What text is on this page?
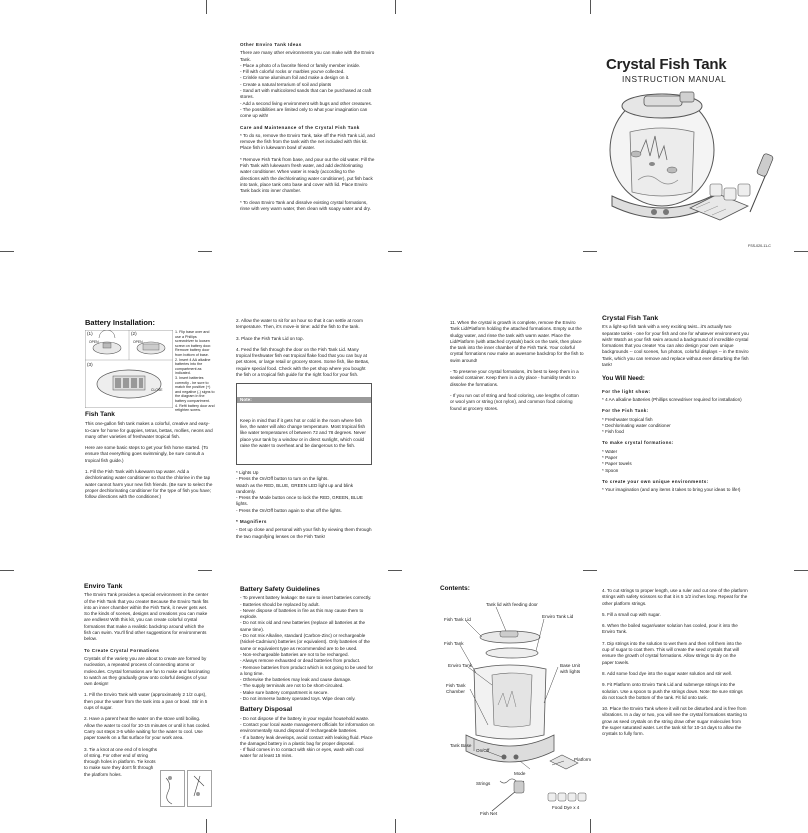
Other Enviro Tank Ideas
There are many other environments you can make with the Enviro Tank.
- Place a photo of a favorite friend or family member inside.
- Fill with colorful rocks or marbles you've collected.
- Crinkle some aluminum foil and make a design on it.
- Create a natural terrarium of soil and plants
- Sand art with multicolored sands that can be purchased at craft stores.
- Add a second living environment with bugs and other creatures.
- The possibilities are limited only to what your imagination can come up with!
Care and Maintenance of the Crystal Fish Tank
* To do so, remove the Enviro Tank, take off the Fish Tank Lid, and remove the fish from the tank with the net included with this kit. Place fish in lukewarm bowl of water.
* Remove Fish Tank from base, and pour out the old water. Fill the Fish Tank with lukewarm fresh water, and add dechlorinating water conditioner. When water is ready (according to the directions with the dechlorinating water conditioner), put fish back into tank, place tank onto base and cover with lid. Place Enviro Tank back into inner chamber.
* To clean Enviro Tank and dissolve existing crystal formations, rinse with very warm water, then clean with soapy water and dry.
Crystal Fish Tank
INSTRUCTION MANUAL
FSS-020-11-C
Battery Installation:
(1)	(2)
(3)
OPEN	OPEN
CLOSE
1. Flip base over and use a Phillips screwdriver to loosen screw on battery door. Remove battery door from bottom of base.
2. Insert 4 AA alkaline batteries into the compartment as indicated.
3. Insert batteries correctly - be sure to match the positive (+) and negative (-) signs to the diagram in the battery compartment.
4. Refit battery door and retighten screw.
Fish Tank
This one-gallon fish tank makes a colorful, creative and easy-to-care for home for guppies, tetras, bettas, mollies, neons and many other varieties of freshwater tropical fish.
Here are some basic steps to get your fish home started. (To ensure that everything goes swimmingly, be sure consult a tropical fish guide.)
1. Fill the Fish Tank with lukewarm tap water. Add a dechlorinating water conditioner so that the chlorine in the tap water cannot harm your new fish friends. (Be sure to select the proper dechlorinating conditioner for the type of fish you have; follow directions with the conditioner.)
2. Allow the water to sit for an hour so that it can settle at room temperature. Then, it's move-in time: add the fish to the tank.
3. Place the Fish Tank Lid on top.
4. Feed the fish through the door on the Fish Tank Lid. Many tropical freshwater fish eat tropical flake food that you can buy at pet stores, or large retail or grocery stores. Some fish, like Bettas, require special food. Check with the pet shop where you bought the fish or a tropical fish guide for the right food for your fish.

Note:

Keep in mind that if it gets hot or cold in the room where fish live, the water will also change temperature. Most tropical fish like water temperatures of between 72 and 78 degrees. Never place your tank by a window or in direct sunlight, which could raise the water to overheat and be dangerous to the fish.

* Lights Up
- Press the On/Off button to turn on the lights.
Watch as the RED, BLUE, GREEN LED light up and blink randomly.
- Press the Mode button once to lock the RED, GREEN, BLUE lights.
- Press the On/Off button again to shut off the lights.
* Magnifiers
- Get up close and personal with your fish by viewing them through the two magnifying lenses on the Fish Tank!
11. When the crystal is growth is complete, remove the Enviro Tank Lid/Platform holding the attached formations. Empty out the sludgy water, and rinse the tank with warm water. Place the Lid/Platform (with attached crystals) back on the tank, then place the tank into the inner chamber of the Fish Tank. Your colorful crystal formations now make an awesome backdrop for the fish to swim around!
- To preserve your crystal formations, it's best to keep them in a sealed container. Keep them in a dry place - humidity tends to dissolve the formations.
- If you run out of string and food coloring, use lengths of cotton or wool yarn or string (not nylon), and common food coloring found at grocery stores.
Crystal Fish Tank
It's a light-up fish tank with a very exciting twist...it's actually two separate tanks - one for your fish and one for whatever environment you wish! Watch as your fish swim around a background of incredible crystal formations that you create! You can also design your own unique backgrounds -- cool scenes, fun photos, colorful displays -- in the Enviro Tank, which you can remove and replace without ever disturbing the fish tank!
You Will Need:
For the light show:
* 4 AA alkaline batteries (Phillips screwdriver required for installation)
For the Fish Tank:
* Freshwater tropical fish
* Dechlorinating water conditioner
* Fish food
To make crystal formations:
* Water
* Paper
* Paper towels
* Spoon
To create your own unique environments:
* Your imagination (and any items it takes to bring your ideas to life!)
Enviro Tank
The Enviro Tank provides a special environment in the center of the Fish Tank that you create! Because the Enviro Tank fits into an inner chamber within the Fish Tank, it never gets wet. So the kinds of scenes, designs and creations you can make are endless! With this kit, you can create colorful crystal formations that make a realistic backdrop around which the fish can swim. You'll find other suggestions for environments below.
To Create Crystal Formations
Crystals of the variety you are about to create are formed by nucleation, a repeated process of connecting atoms or molecules. Crystal formations are fun to make and fascinating to watch as they gradually grow onto colorful designs of your own design!
1. Fill the Enviro Tank with water (approximately 2 1/2 cups), then pour the water from the tank into a pan or bowl. Stir in 5 cups of sugar.
2. Have a parent heat the water on the stove until boiling. Allow the water to cool for 10-15 minutes or until it has cooled. Carry out steps 3-5 while waiting for the water to cool. Use paper towels on a flat surface for your work area.
3. Tie a knot at one end of 6 lengths of string. For other end of string through holes in platform. Tie knots to make sure they don't fit through the platform holes.
Battery Safety Guidelines
- To prevent battery leakage: Be sure to insert batteries correctly.
- Batteries should be replaced by adult.
- Never dispose of batteries in fire as this may cause them to explode.
- Do not mix old and new batteries (replace all batteries at the same time).
- Do not mix Alkaline, standard (Carbon-Zinc) or rechargeable (Nickel-Cadmium) batteries (or equivalent). Only batteries of the same or equivalent type as recommended are to be used.
- Non-rechargeable batteries are not to be recharged.
- Always remove exhausted or dead batteries from product.
- Remove batteries from product which is not going to be used for a long time.
- Otherwise the batteries may leak and cause damage.
- The supply terminals are not to be short-circuited.
- Make sure battery compartment is secure.
- Do not immerse battery operated toys. Wipe clean only.
Battery Disposal
- Do not dispose of the battery in your regular household waste.
- Contact your local waste management officials for information on environmentally sound disposal of rechargeable batteries.
- If a battery leak develops, avoid contact with leaking fluid. Place the damaged battery in a plastic bag for proper disposal.
- If fluid comes in to contact with skin or eyes, wash with cool water for at least 15 mins.
Contents:
Tank lid with feeding door
Enviro Tank Lid
Fish Tank Lid
Fish Tank
Enviro Tank	Base Unit
with lights
Fish Tank
Chamber
Tank Base
On/Off
Mode
Platform
Strings
Fish Net
Food Dye x 4
4. To cut strings to proper length, use a ruler and cut one of the platform strings with safety scissors so that it is 5 1/2 inches long. Repeat for the other platform strings.
5. Fill a small cup with sugar.
6. When the boiled sugar/water solution has cooled, pour it into the Enviro Tank.
7. Dip strings into the solution to wet them and then roll them into the cup of sugar to coat them. This will create the seed crystals that will ensure the growth of crystal formations. Allow strings to dry on the paper towels.
8. Add some food dye into the sugar water solution and stir well.
9. Fit Platform onto Enviro Tank Lid and submerge strings into the solution. Use a spoon to push the strings down. Note: Be sure strings do not touch the bottom of the tank. Fit lid onto tank.
10. Place the Enviro Tank where it will not be disturbed and is free from vibrations. In a day or two, you will see the crystal formations starting to grow as seed crystals on the string draw other sugar molecules from the super saturated water. Let the tank sit for 10-14 days to allow the crystals to fully form.
